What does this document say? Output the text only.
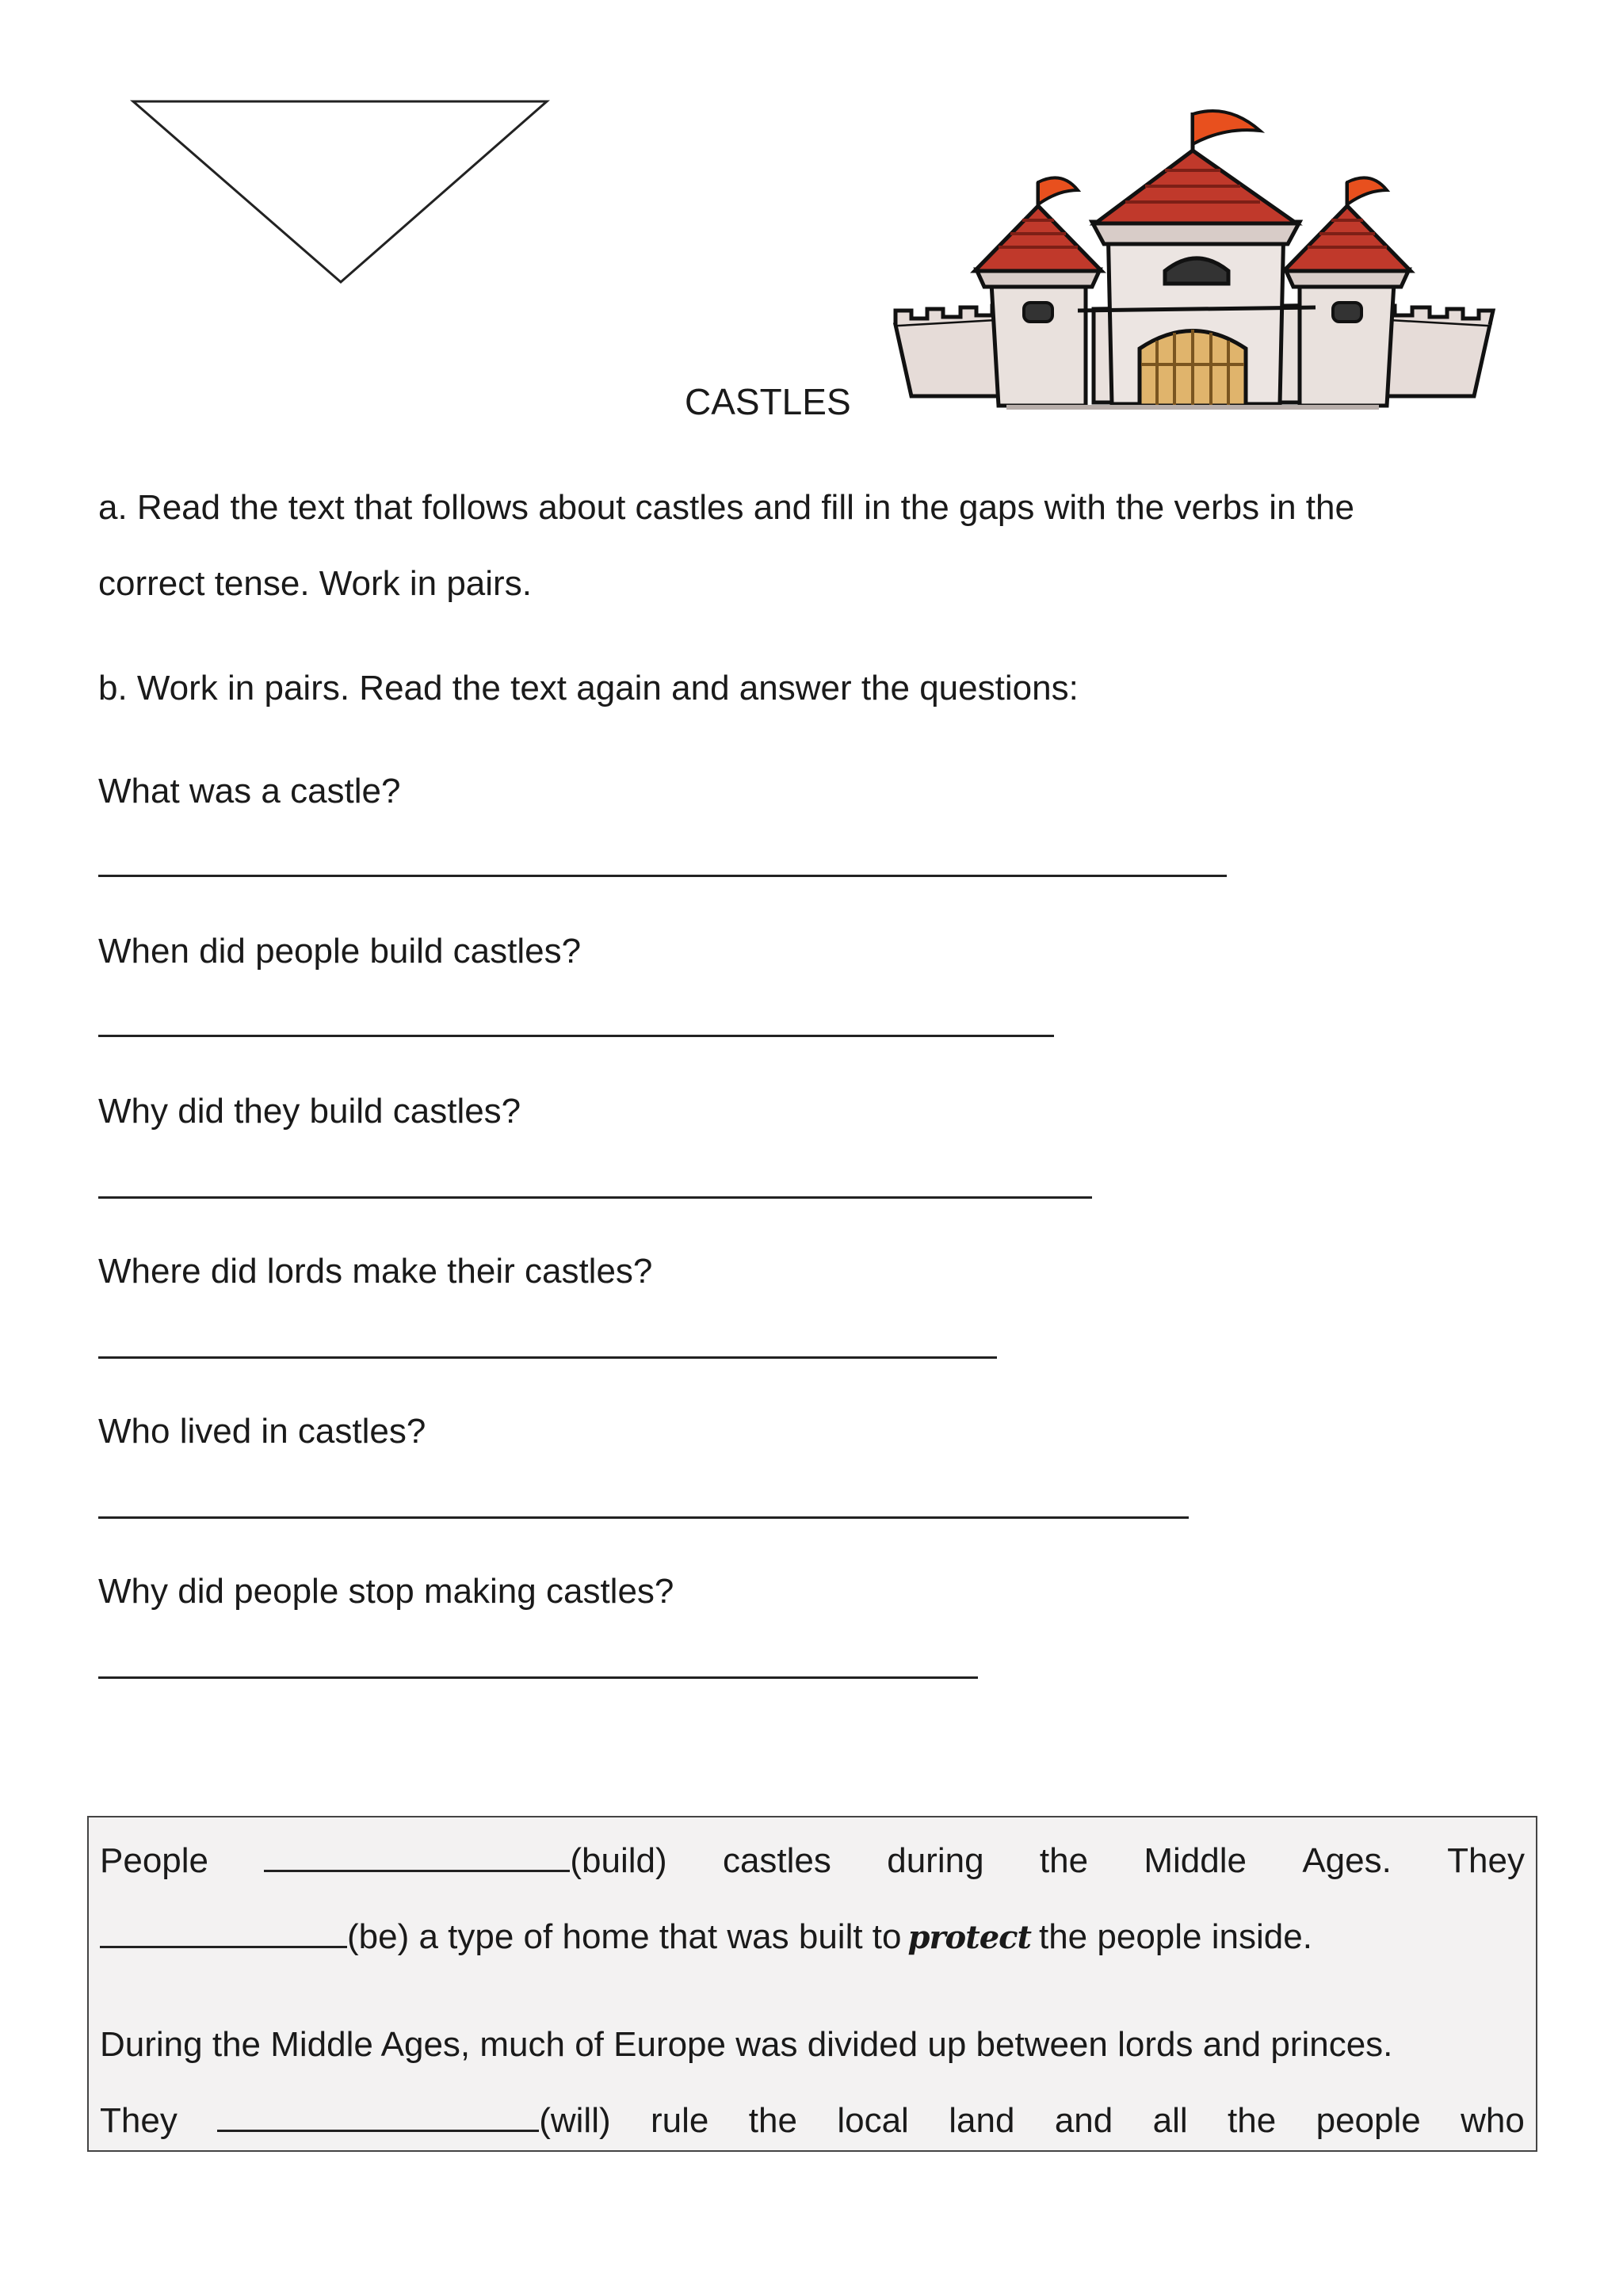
CASTLES
a. Read the text that follows about castles and fill in the gaps with the verbs in the
correct tense. Work in pairs.
b. Work in pairs. Read the text again and answer the questions:
What was a castle?
When did people build castles?
Why did they build castles?
Where did lords make their castles?
Who lived in castles?
Why did people stop making castles?
People	(build) castles during the Middle Ages. They
(be) a type of home that was built to protect the people inside.
During the Middle Ages, much of Europe was divided up between lords and princes.
They	(will) rule the local land and all the people who
